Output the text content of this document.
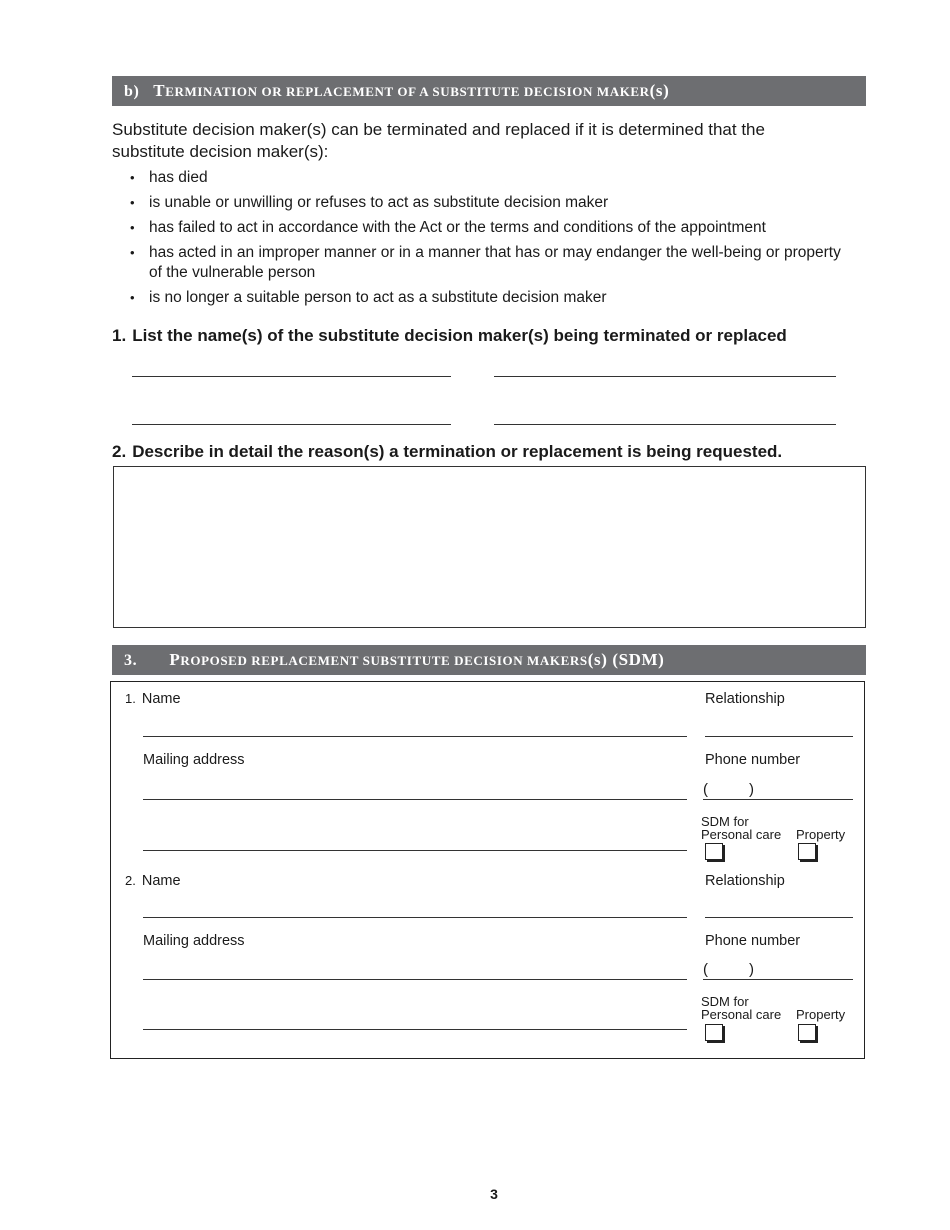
b) TERMINATION OR REPLACEMENT OF A SUBSTITUTE DECISION MAKER(s)

Substitute decision maker(s) can be terminated and replaced if it is determined that the substitute decision maker(s):

• has died
• is unable or unwilling or refuses to act as substitute decision maker
• has failed to act in accordance with the Act or the terms and conditions of the appointment
• has acted in an improper manner or in a manner that has or may endanger the well-being or property of the vulnerable person
• is no longer a suitable person to act as a substitute decision maker
1. List the name(s) of the substitute decision maker(s) being terminated or replaced
2. Describe in detail the reason(s) a termination or replacement is being requested.
3. PROPOSED REPLACEMENT SUBSTITUTE DECISION MAKERS(s) (SDM)
1. Name	Relationship
Mailing address	Phone number
(	)
SDM for
Personal care Property
2. Name	Relationship
Mailing address	Phone number
(	)
SDM for
Personal care Property
3
